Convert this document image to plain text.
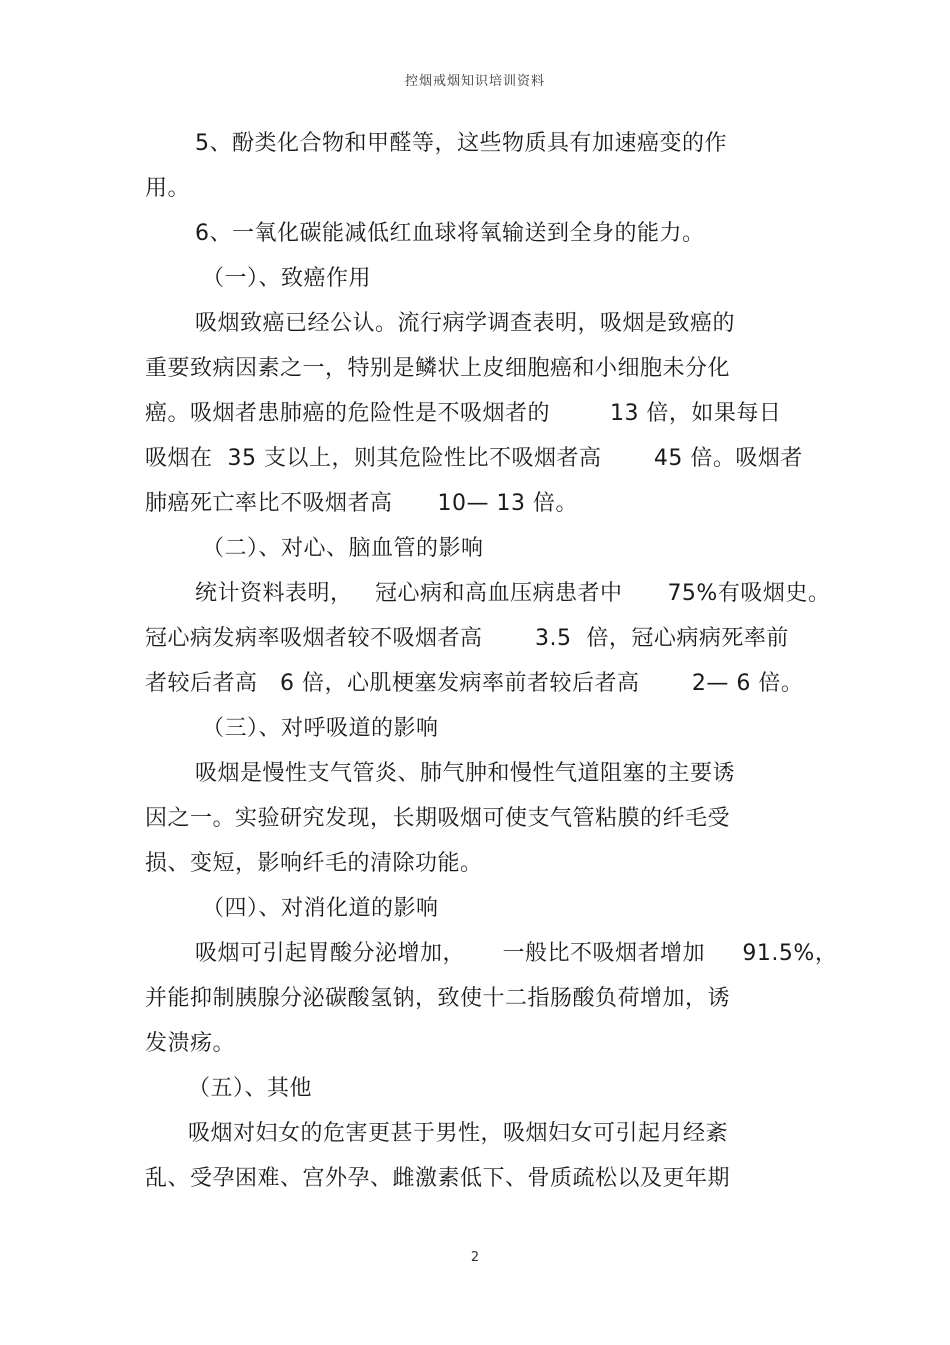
控烟戒烟知识培训资料
5、酚类化合物和甲醛等，这些物质具有加速癌变的作
用。
6、一氧化碳能减低红血球将氧输送到全身的能力。
（一）、致癌作用
吸烟致癌已经公认。流行病学调查表明，吸烟是致癌的
重要致病因素之一，特别是鳞状上皮细胞癌和小细胞未分化
癌。吸烟者患肺癌的危险性是不吸烟者的        13 倍，如果每日
吸烟在  35 支以上，则其危险性比不吸烟者高       45 倍。吸烟者
肺癌死亡率比不吸烟者高      10— 13 倍。
（二）、对心、脑血管的影响
统计资料表明，   冠心病和高血压病患者中      75%有吸烟史。
冠心病发病率吸烟者较不吸烟者高       3.5  倍，冠心病病死率前
者较后者高   6 倍，心肌梗塞发病率前者较后者高       2— 6 倍。
（三）、对呼吸道的影响
吸烟是慢性支气管炎、肺气肿和慢性气道阻塞的主要诱
因之一。实验研究发现，长期吸烟可使支气管粘膜的纤毛受
损、变短，影响纤毛的清除功能。
（四）、对消化道的影响
吸烟可引起胃酸分泌增加，     一般比不吸烟者增加     91.5%，
并能抑制胰腺分泌碳酸氢钠，致使十二指肠酸负荷增加，诱
发溃疡。
（五）、其他
吸烟对妇女的危害更甚于男性，吸烟妇女可引起月经紊
乱、受孕困难、宫外孕、雌激素低下、骨质疏松以及更年期
2
